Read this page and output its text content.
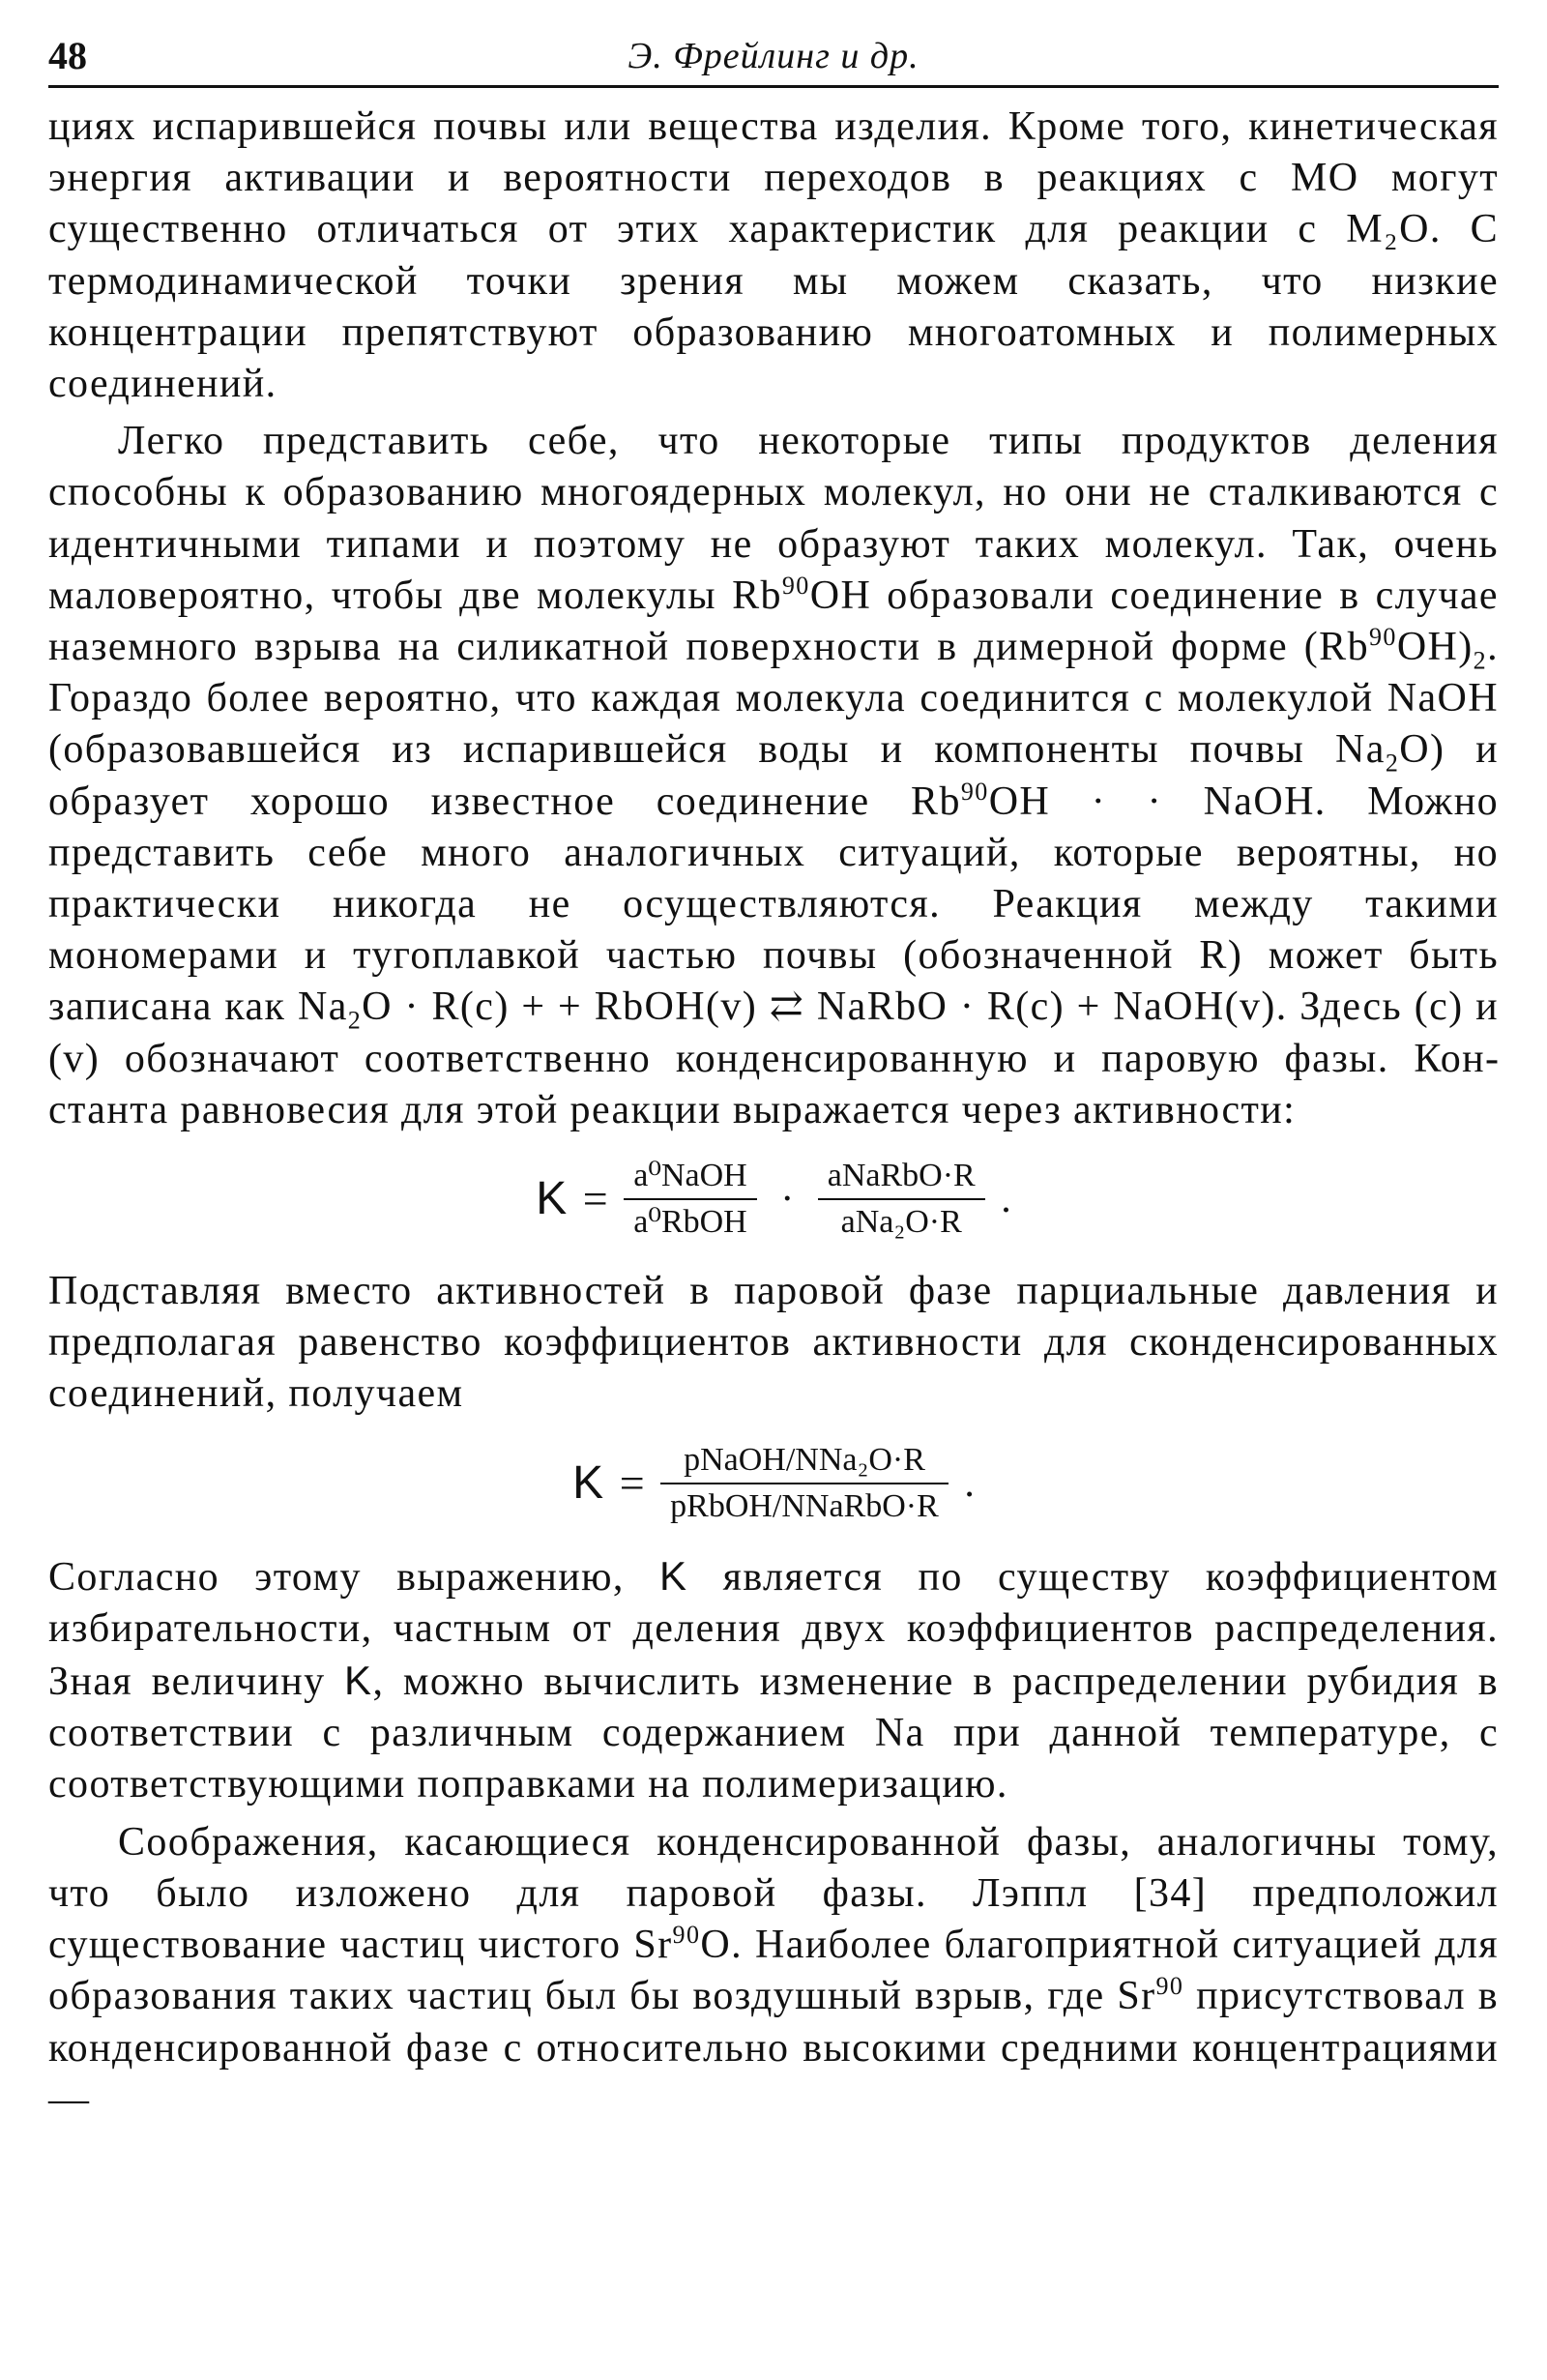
48	Э. Фрейлинг и др.

циях испарившейся почвы или вещества изделия. Кроме того, кинетическая энергия активации и вероятности переходов в реакциях с МО могут существенно отличаться от этих характеристик для реакции с M₂O. С термодинамической точки зрения мы можем сказать, что низкие концентрации препятствуют образованию многоатомных и полимерных соединений.

Легко представить себе, что некоторые типы продуктов деления способны к образованию многоядерных молекул, но они не сталкиваются с идентичными типами и поэтому не образуют таких молекул. Так, очень маловероятно, чтобы две молекулы Rb$^{90}$OH образовали соединение в случае наземного взрыва на силикатной поверхности в димерной форме $(Rb^{90}OH)_2$. Гораздо более вероятно, что каждая молекула соединится с молекулой NaOH (образовавшейся из испарившейся воды и компоненты почвы $Na_2O$) и образует хорошо известное соединение $Rb^{90}OH$ · · NaOH. Можно представить себе много аналогичных ситуаций, которые вероятны, но практически никогда не осуществляются. Реакция между такими мономерами и тугоплавкой частью почвы (обозначенной R) может быть записана как $Na_2O \cdot R(c)$ + + RbOH(v) ⇄ NaRbO · R(c) + NaOH(v). Здесь (c) и (v) обозначают соответственно конденсированную и паровую фазы. Константа равновесия для этой реакции выражается через активности:

$K = \frac{\text{a⁰NaOH}}{\text{a⁰RbOH}} \cdot \frac{\text{aNaRbO·R}}{\text{aNa₂O·R}}$ .

Подставляя вместо активностей в паровой фазе парциальные давления и предполагая равенство коэффициентов активности для сконденсированных соединений, получаем

$K = \frac{\text{pNaOH/NNa₂O·R}}{\text{pRbOH/NNaRbO·R}}$ .

Согласно этому выражению, K является по существу коэффициентом избирательности, частным от деления двух коэффициентов распределения. Зная величину K, можно вычислить изменение в распределении рубидия в соответствии с различным содержанием Na при данной температуре, с соответствующими поправками на полимеризацию.

Соображения, касающиеся конденсированной фазы, аналогичны тому, что было изложено для паровой фазы. Лэппл [34] предположил существование частиц чистого Sr$^{90}$O. Наиболее благоприятной ситуацией для образования таких частиц был бы воздушный взрыв, где Sr$^{90}$ присутствовал в конденсированной фазе с относительно высокими средними концентрациями —
